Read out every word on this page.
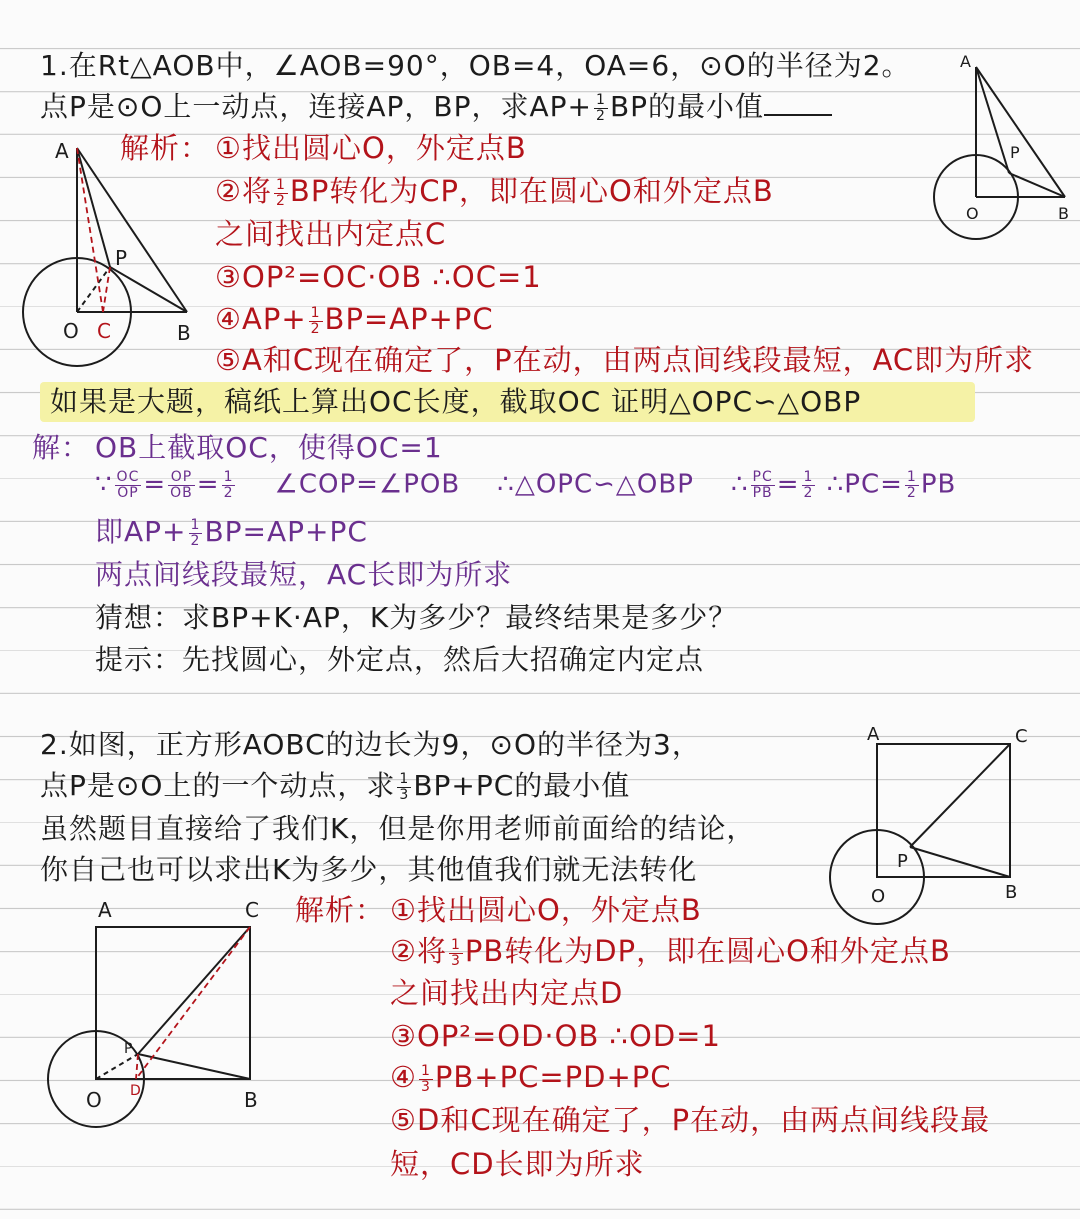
1.在Rt△AOB中，∠AOB=90°，OB=4，OA=6，⊙O的半径为2。
点P是⊙O上一动点，连接AP，BP，求$AP+ \frac{1}{2}$ BP的最小值
解析： ①找出圆心O，外定点B
②将 $\frac{1}{2}$ BP转化为CP，即在圆心O和外定点B
之间找出内定点C
③OP²=OC·OB ∴OC=1
④AP+ $\frac{1}{2} BP=AP+PC$
⑤A和C现在确定了，P在动，由两点间线段最短，AC即为所求
如果是大题，稿纸上算出OC长度，截取OC 证明△OPC∽△OBP
解： OB上截取OC，使得OC=1
∵ $\frac{OC}{OP} = \frac{OP}{OB} = \frac{1}{2}$ ∠COP=∠POB ∴△OPC∽△OBP ∴ $\frac{PC}{PB} = \frac{1}{2}$ ∴PC= $\frac{1}{2}$ PB
即$AP+ \frac{1}{2} BP=AP+PC$
两点间线段最短，AC长即为所求
猜想：求BP+K·AP，K为多少？最终结果是多少？
提示：先找圆心，外定点，然后大招确定内定点
2.如图，正方形AOBC的边长为9，⊙O的半径为3，
点P是⊙O上的一个动点，求 $\frac{1}{3} BP+PC$的最小值
虽然题目直接给了我们K，但是你用老师前面给的结论，
你自己也可以求出K为多少，其他值我们就无法转化
解析： ①找出圆心O，外定点B
②将 $\frac{1}{3}$ PB转化为DP，即在圆心O和外定点B
之间找出内定点D
③OP²=OD·OB ∴OD=1
④ $\frac{1}{3} PB+PC=PD+PC$
⑤D和C现在确定了，P在动，由两点间线段最
短，CD长即为所求
A
O	B
P
A
O C	B
P
A	C
O	B
P
A	C
O D	B
P
